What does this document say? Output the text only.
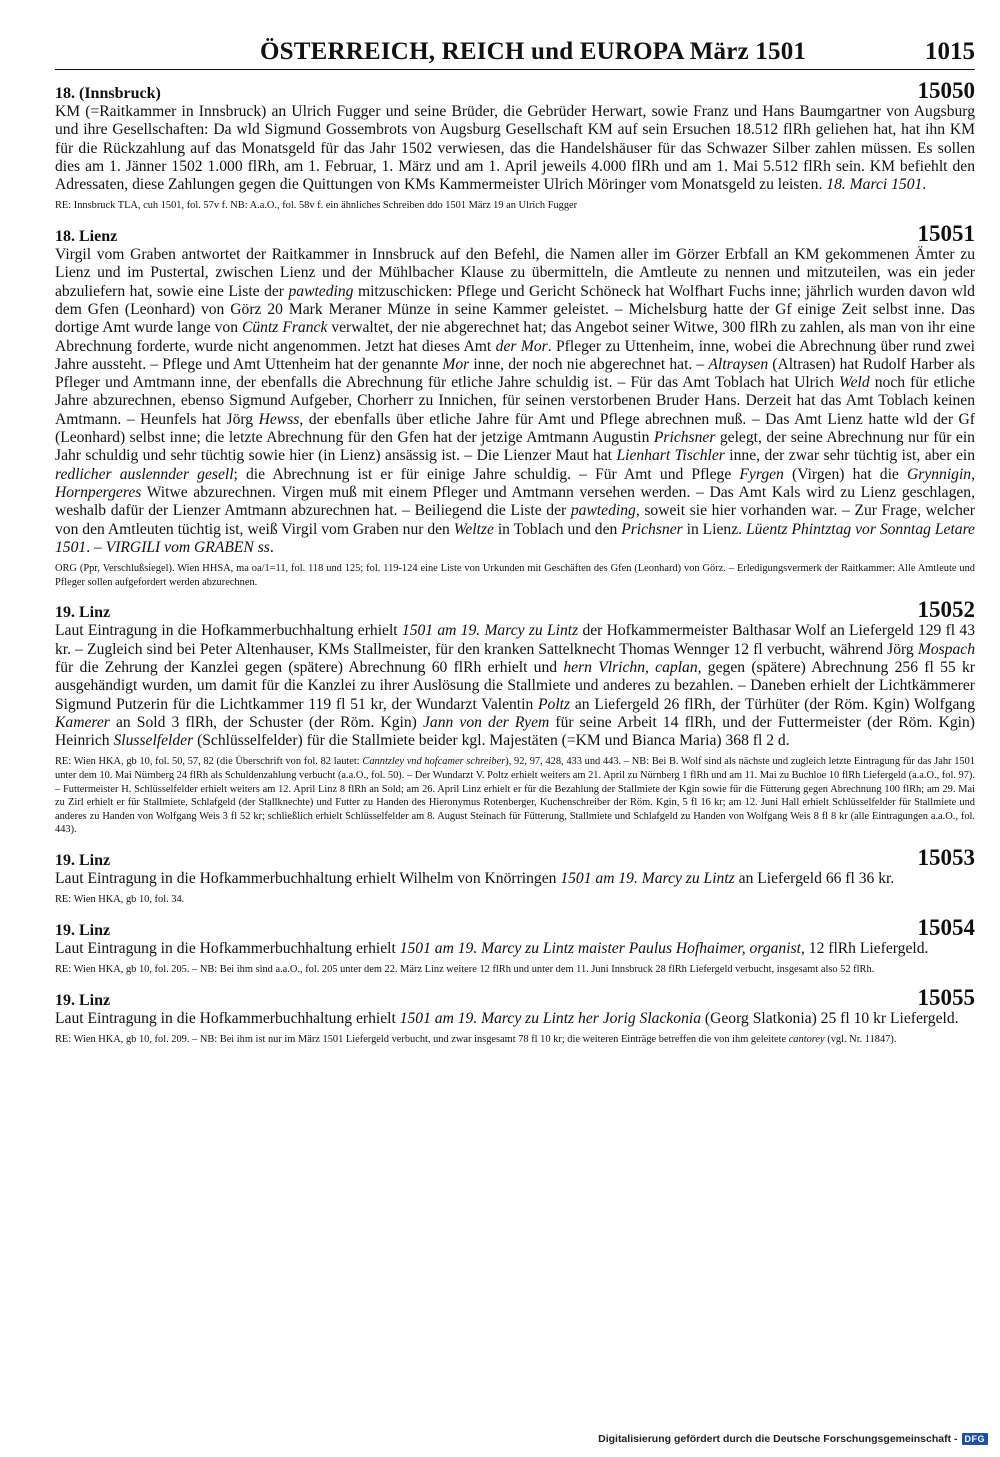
ÖSTERREICH, REICH und EUROPA März 1501	1015
18. (Innsbruck)	15050

KM (=Raitkammer in Innsbruck) an Ulrich Fugger und seine Brüder, die Gebrüder Herwart, sowie Franz und Hans Baumgartner von Augsburg und ihre Gesellschaften: Da wld Sigmund Gossembrots von Augsburg Gesellschaft KM auf sein Ersuchen 18.512 flRh geliehen hat, hat ihn KM für die Rückzahlung auf das Monatsgeld für das Jahr 1502 verwiesen, das die Handelshäuser für das Schwazer Silber zahlen müssen. Es sollen dies am 1. Jänner 1502 1.000 flRh, am 1. Februar, 1. März und am 1. April jeweils 4.000 flRh und am 1. Mai 5.512 flRh sein. KM befiehlt den Adressaten, diese Zahlungen gegen die Quittungen von KMs Kammermeister Ulrich Möringer vom Monatsgeld zu leisten. 18. Marci 1501.

RE: Innsbruck TLA, cuh 1501, fol. 57v f. NB: A.a.O., fol. 58v f. ein ähnliches Schreiben ddo 1501 März 19 an Ulrich Fugger

18. Lienz	15051

Virgil vom Graben antwortet der Raitkammer in Innsbruck auf den Befehl, die Namen aller im Görzer Erbfall an KM gekommenen Ämter zu Lienz und im Pustertal, zwischen Lienz und der Mühlbacher Klause zu übermitteln, die Amtleute zu nennen und mitzuteilen, was ein jeder abzuliefern hat, sowie eine Liste der pawteding mitzuschicken: Pflege und Gericht Schöneck hat Wolfhart Fuchs inne; jährlich wurden davon wld dem Gfen (Leonhard) von Görz 20 Mark Meraner Münze in seine Kammer geleistet. – Michelsburg hatte der Gf einige Zeit selbst inne. Das dortige Amt wurde lange von Cüntz Franck verwaltet, der nie abgerechnet hat; das Angebot seiner Witwe, 300 flRh zu zahlen, als man von ihr eine Abrechnung forderte, wurde nicht angenommen. Jetzt hat dieses Amt der Mor. Pfleger zu Uttenheim, inne, wobei die Abrechnung über rund zwei Jahre aussteht. – Pflege und Amt Uttenheim hat der genannte Mor inne, der noch nie abgerechnet hat. – Altraysen (Altrasen) hat Rudolf Harber als Pfleger und Amtmann inne, der ebenfalls die Abrechnung für etliche Jahre schuldig ist. – Für das Amt Toblach hat Ulrich Weld noch für etliche Jahre abzurechnen, ebenso Sigmund Aufgeber, Chorherr zu Innichen, für seinen verstorbenen Bruder Hans. Derzeit hat das Amt Toblach keinen Amtmann. – Heunfels hat Jörg Hewss, der ebenfalls über etliche Jahre für Amt und Pflege abrechnen muß. – Das Amt Lienz hatte wld der Gf (Leonhard) selbst inne; die letzte Abrechnung für den Gfen hat der jetzige Amtmann Augustin Prichsner gelegt, der seine Abrechnung nur für ein Jahr schuldig und sehr tüchtig sowie hier (in Lienz) ansässig ist. – Die Lienzer Maut hat Lienhart Tischler inne, der zwar sehr tüchtig ist, aber ein redlicher auslennder gesell; die Abrechnung ist er für einige Jahre schuldig. – Für Amt und Pflege Fyrgen (Virgen) hat die Grynnigin, Hornpergeres Witwe abzurechnen. Virgen muß mit einem Pfleger und Amtmann versehen werden. – Das Amt Kals wird zu Lienz geschlagen, weshalb dafür der Lienzer Amtmann abzurechnen hat. – Beiliegend die Liste der pawteding, soweit sie hier vorhanden war. – Zur Frage, welcher von den Amtleuten tüchtig ist, weiß Virgil vom Graben nur den Weltze in Toblach und den Prichsner in Lienz. Lüentz Phintztag vor Sonntag Letare 1501. – VIRGILI vom GRABEN ss.

ORG (Ppr, Verschlußsiegel). Wien HHSA, ma oa/1=11, fol. 118 und 125; fol. 119-124 eine Liste von Urkunden mit Geschäften des Gfen (Leonhard) von Görz. – Erledigungsvermerk der Raitkammer: Alle Amtleute und Pfleger sollen aufgefordert werden abzurechnen.

19. Linz	15052

Laut Eintragung in die Hofkammerbuchhaltung erhielt 1501 am 19. Marcy zu Lintz der Hofkammermeister Balthasar Wolf an Liefergeld 129 fl 43 kr. – Zugleich sind bei Peter Altenhauser, KMs Stallmeister, für den kranken Sattelknecht Thomas Wennger 12 fl verbucht, während Jörg Mospach für die Zehrung der Kanzlei gegen (spätere) Abrechnung 60 flRh erhielt und hern Vlrichn, caplan, gegen (spätere) Abrechnung 256 fl 55 kr ausgehändigt wurden, um damit für die Kanzlei zu ihrer Auslösung die Stallmiete und anderes zu bezahlen. – Daneben erhielt der Lichtkämmerer Sigmund Putzerin für die Lichtkammer 119 fl 51 kr, der Wundarzt Valentin Poltz an Liefergeld 26 flRh, der Türhüter (der Röm. Kgin) Wolfgang Kamerer an Sold 3 flRh, der Schuster (der Röm. Kgin) Jann von der Ryem für seine Arbeit 14 flRh, und der Futtermeister (der Röm. Kgin) Heinrich Slusselfelder (Schlüsselfelder) für die Stallmiete beider kgl. Majestäten (=KM und Bianca Maria) 368 fl 2 d.

RE: Wien HKA, gb 10, fol. 50, 57, 82 (die Überschrift von fol. 82 lautet: Canntzley vnd hofcamer schreiber), 92, 97, 428, 433 und 443. – NB: Bei B. Wolf sind als nächste und zugleich letzte Eintragung für das Jahr 1501 unter dem 10. Mai Nürnberg 24 flRh als Schuldenzahlung verbucht (a.a.O., fol. 50). – Der Wundarzt V. Poltz erhielt weiters am 21. April zu Nürnberg 1 flRh und am 11. Mai zu Buchloe 10 flRh Liefergeld (a.a.O., fol. 97). – Futtermeister H. Schlüsselfelder erhielt weiters am 12. April Linz 8 flRh an Sold; am 26. April Linz erhielt er für die Bezahlung der Stallmiete der Kgin sowie für die Fütterung gegen Abrechnung 100 flRh; am 29. Mai zu Zirl erhielt er für Stallmiete, Schlafgeld (der Stallknechte) und Futter zu Handen des Hieronymus Rotenberger, Kuchenschreiber der Röm. Kgin, 5 fl 16 kr; am 12. Juni Hall erhielt Schlüsselfelder für Stallmiete und anderes zu Handen von Wolfgang Weis 3 fl 52 kr; schließlich erhielt Schlüsselfelder am 8. August Steinach für Fütterung, Stallmiete und Schlafgeld zu Handen von Wolfgang Weis 8 fl 8 kr (alle Eintragungen a.a.O., fol. 443).

19. Linz	15053

Laut Eintragung in die Hofkammerbuchhaltung erhielt Wilhelm von Knörringen 1501 am 19. Marcy zu Lintz an Liefergeld 66 fl 36 kr.

RE: Wien HKA, gb 10, fol. 34.

19. Linz	15054

Laut Eintragung in die Hofkammerbuchhaltung erhielt 1501 am 19. Marcy zu Lintz maister Paulus Hofhaimer, organist, 12 flRh Liefergeld.

RE: Wien HKA, gb 10, fol. 205. – NB: Bei ihm sind a.a.O., fol. 205 unter dem 22. März Linz weitere 12 flRh und unter dem 11. Juni Innsbruck 28 flRh Liefergeld verbucht, insgesamt also 52 flRh.

19. Linz	15055

Laut Eintragung in die Hofkammerbuchhaltung erhielt 1501 am 19. Marcy zu Lintz her Jorig Slackonia (Georg Slatkonia) 25 fl 10 kr Liefergeld.

RE: Wien HKA, gb 10, fol. 209. – NB: Bei ihm ist nur im März 1501 Liefergeld verbucht, und zwar insgesamt 78 fl 10 kr; die weiteren Einträge betreffen die von ihm geleitete cantorey (vgl. Nr. 11847).

Digitalisierung gefördert durch die Deutsche Forschungsgemeinschaft - DFG
